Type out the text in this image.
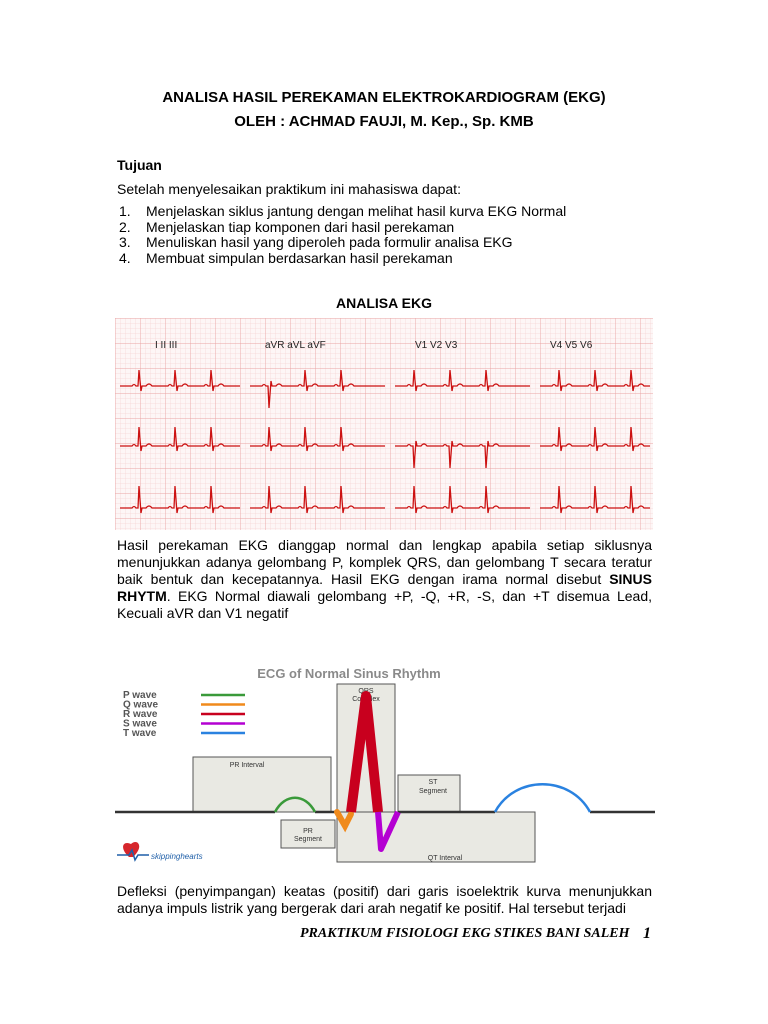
ANALISA HASIL PEREKAMAN ELEKTROKARDIOGRAM (EKG)
OLEH : ACHMAD FAUJI, M. Kep., Sp. KMB
Tujuan
Setelah menyelesaikan praktikum ini mahasiswa dapat:
1.	Menjelaskan siklus jantung dengan melihat hasil kurva EKG Normal
2.	Menjelaskan tiap komponen dari hasil perekaman
3.	Menuliskan hasil yang diperoleh pada formulir analisa EKG
4.	Membuat simpulan berdasarkan hasil perekaman
ANALISA EKG
I II III	aVR aVL aVF	V1 V2 V3	V4 V5 V6
Hasil perekaman EKG dianggap normal dan lengkap apabila setiap siklusnya menunjukkan adanya gelombang P, komplek QRS, dan gelombang T secara teratur baik bentuk dan kecepatannya. Hasil EKG dengan irama normal disebut SINUS RHYTM. EKG Normal diawali gelombang +P, -Q, +R, -S, dan +T disemua Lead, Kecuali aVR dan V1 negatif
ECG of Normal Sinus Rhythm
QRS
Complex
PR Interval
ST
Segment
PR
Segment
QT Interval
P wave
Q wave
R wave
S wave
T wave
skippinghearts
Defleksi (penyimpangan) keatas (positif) dari garis isoelektrik kurva menunjukkan adanya impuls listrik yang bergerak dari arah negatif ke positif. Hal tersebut terjadi
PRAKTIKUM FISIOLOGI EKG STIKES BANI SALEH 1
